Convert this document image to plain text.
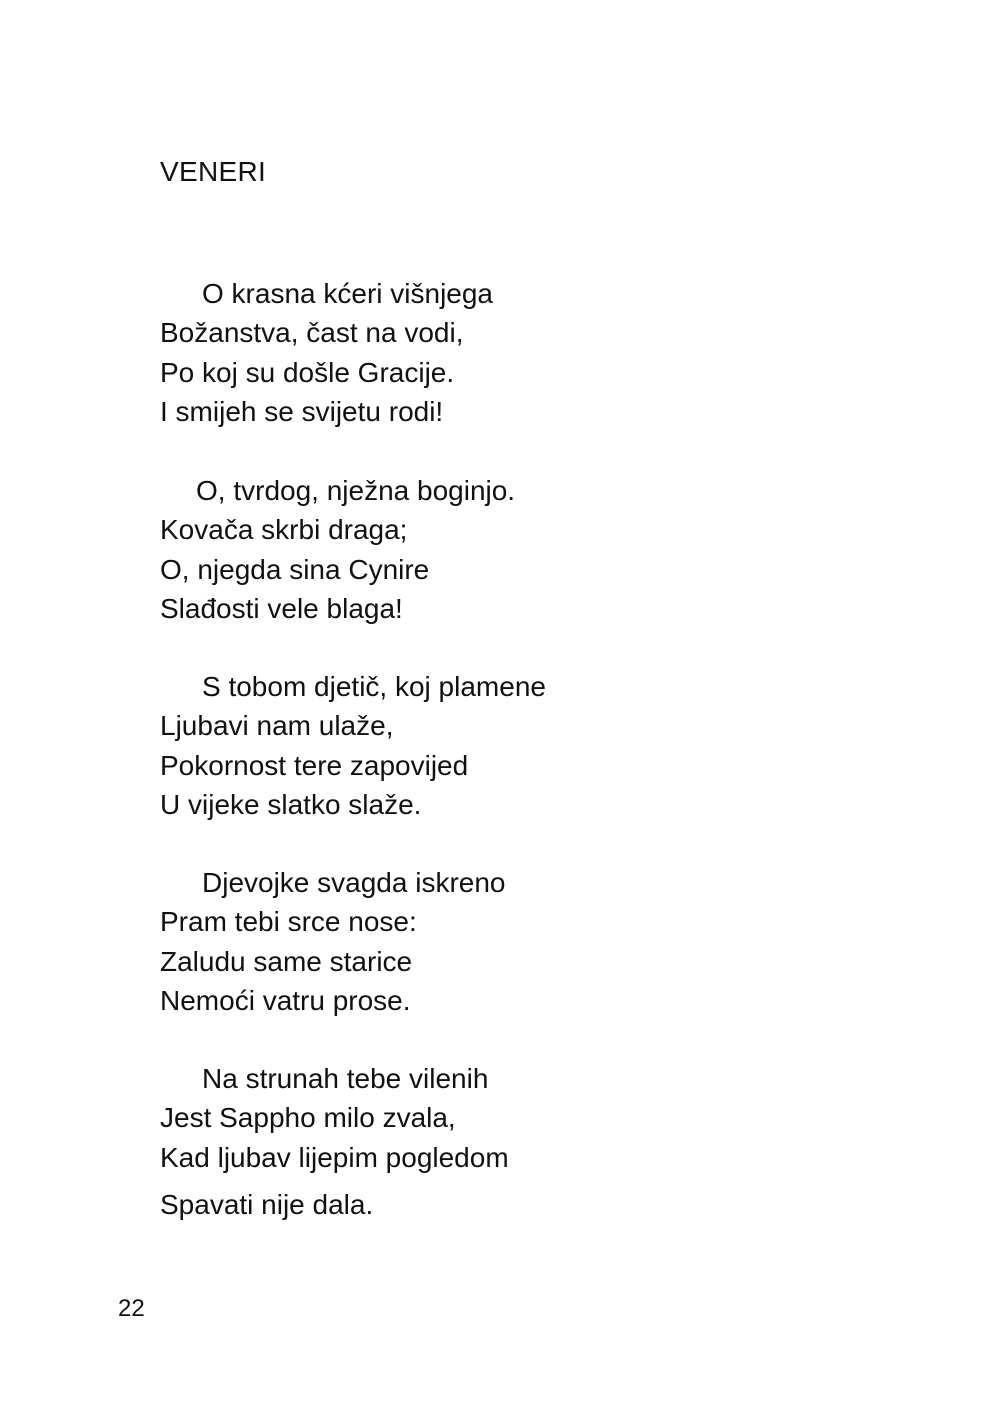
VENERI
O krasna kćeri višnjega
Božanstva, čast na vodi,
Po koj su došle Gracije.
I smijeh se svijetu rodi!
O, tvrdog, nježna boginjo.
Kovača skrbi draga;
O, njegda sina Cynire
Slađosti vele blaga!
S tobom djetič, koj plamene
Ljubavi nam ulaže,
Pokornost tere zapovijed
U vijeke slatko slaže.
Djevojke svagda iskreno
Pram tebi srce nose:
Zaludu same starice
Nemoći vatru prose.
Na strunah tebe vilenih
Jest Sappho milo zvala,
Kad ljubav lijepim pogledom
Spavati nije dala.
22
